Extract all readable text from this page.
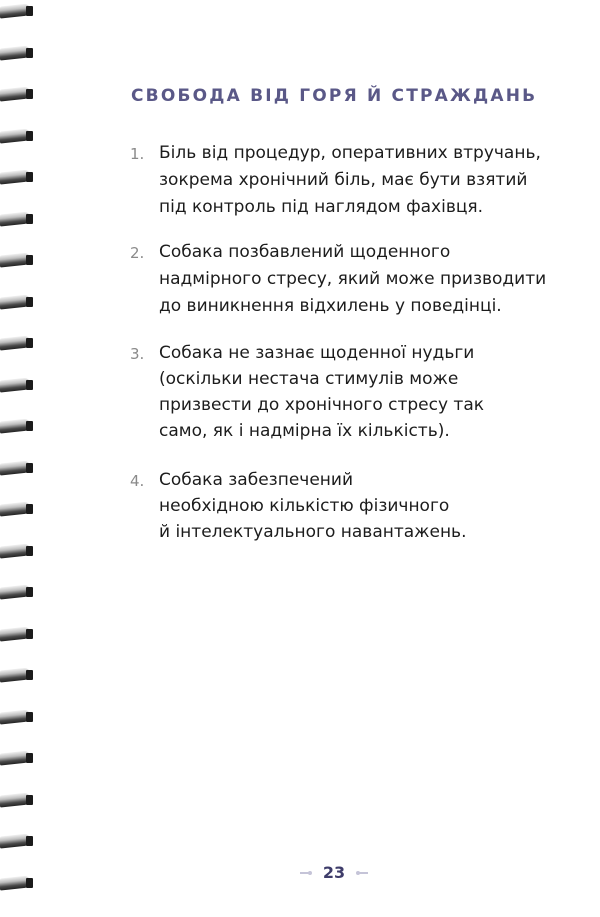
СВОБОДА ВІД ГОРЯ Й СТРАЖДАНЬ
1. Біль від процедур, оперативних втручань,
зокрема хронічний біль, має бути взятий
під контроль під наглядом фахівця.
2. Собака позбавлений щоденного
надмірного стресу, який може призводити
до виникнення відхилень у поведінці.
3. Собака не зазнає щоденної нудьги
(оскільки нестача стимулів може
призвести до хронічного стресу так
само, як і надмірна їх кількість).
4. Собака забезпечений
необхідною кількістю фізичного
й інтелектуального навантажень.
23
